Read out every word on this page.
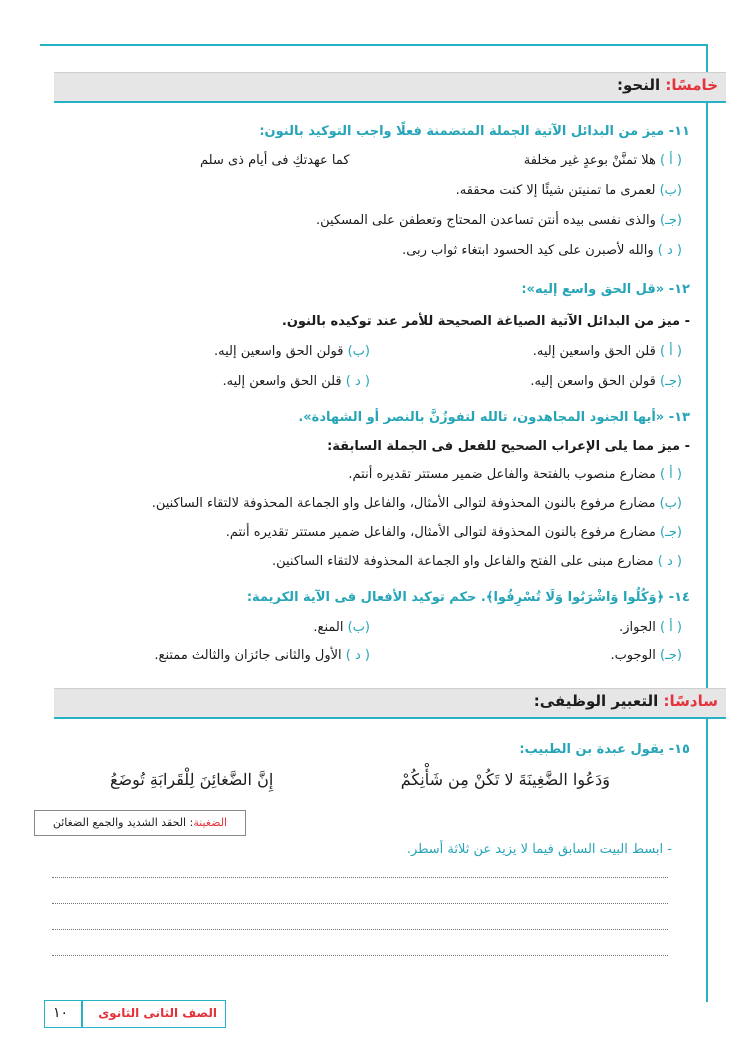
خامسًا: النحو:
١١- ميز من البدائل الآتية الجملة المتضمنة فعلًا واجب التوكيد بالنون:
( أ ) هلا تمنَّنْ بوعدٍ غير مخلفة
كما عهدتكِ فى أيام ذى سلم
(ب) لعمرى ما تمنيتن شيئًا إلا كنت محققه.
(جـ) والذى نفسى بيده أنتن تساعدن المحتاج وتعطفن على المسكين.
( د ) والله لأصبرن على كيد الحسود ابتغاء ثواب ربى.
١٢- «قل الحق واسع إليه»:
- ميز من البدائل الآتية الصياغة الصحيحة للأمر عند توكيده بالنون.
( أ ) قلن الحق واسعين إليه.
(ب) قولن الحق واسعين إليه.
(جـ) قولن الحق واسعن إليه.
( د ) قلن الحق واسعن إليه.
١٣- «أيها الجنود المجاهدون، تالله لتفوزُنَّ بالنصر أو الشهادة».
- ميز مما يلى الإعراب الصحيح للفعل فى الجملة السابقة:
( أ ) مضارع منصوب بالفتحة والفاعل ضمير مستتر تقديره أنتم.
(ب) مضارع مرفوع بالنون المحذوفة لتوالى الأمثال، والفاعل واو الجماعة المحذوفة لالتقاء الساكنين.
(جـ) مضارع مرفوع بالنون المحذوفة لتوالى الأمثال، والفاعل ضمير مستتر تقديره أنتم.
( د ) مضارع مبنى على الفتح والفاعل واو الجماعة المحذوفة لالتقاء الساكنين.
١٤- ﴿وَكُلُوا وَاشْرَبُوا وَلَا تُسْرِفُوا﴾. حكم توكيد الأفعال فى الآية الكريمة:
( أ ) الجواز.
(ب) المنع.
(جـ) الوجوب.
( د ) الأول والثانى جائزان والثالث ممتنع.
سادسًا: التعبير الوظيفى:
١٥- يقول عبدة بن الطبيب:
وَدَعُوا الضَّغِينَةَ لا تَكُنْ مِن شَأْنِكُمْ
إِنَّ الضَّغائِنَ لِلْقَرابَةِ تُوضَعُ
الضغينة: الحقد الشديد والجمع الضغائن
- ابسط البيت السابق فيما لا يزيد عن ثلاثة أسطر.
الصف الثانى الثانوى
١٠
